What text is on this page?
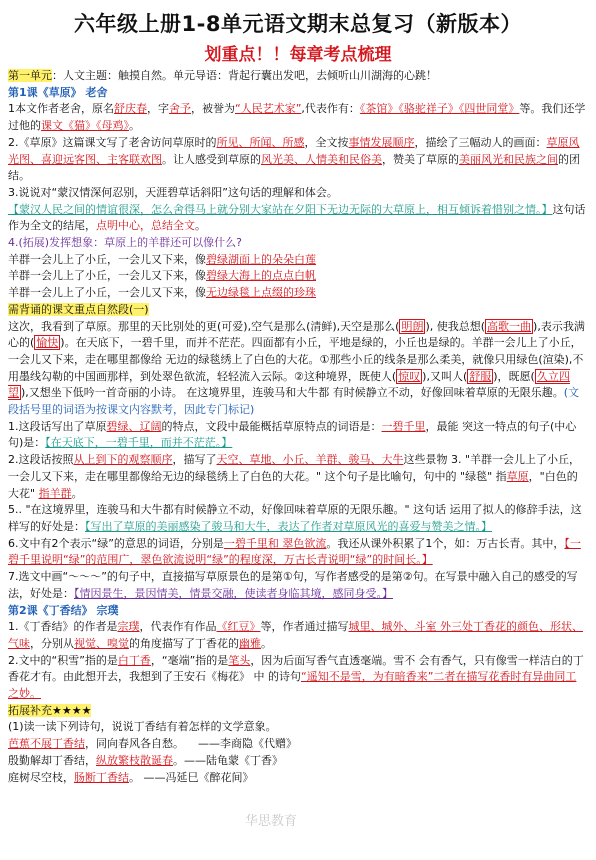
六年级上册1-8单元语文期末总复习（新版本）
划重点！！每章考点梳理

第一单元：人文主题：触摸自然。单元导语：背起行囊出发吧，去倾听山川湖海的心跳！

第1课《草原》 老舍

1本文作者老舍，原名舒庆春，字舍予，被誉为“人民艺术家”,代表作有：《茶馆》《骆驼祥子》《四世同堂》等。我们还学过他的课文《猫》《母鸡》。

2.《草原》这篇课文写了老舍访问草原时的所见、所闻、所感，全文按事情发展顺序，描绘了三幅动人的画面：草原风光图、喜迎远客图、主客联欢图。让人感受到草原的风光美、人情美和民俗美，赞美了草原的美丽风光和民族之间的团结。

3.说说对“蒙汉情深何忍别，天涯碧草话斜阳”这句话的理解和体会。

【蒙汉人民之间的情谊很深，怎么舍得马上就分别大家站在夕阳下无边无际的大草原上，相互倾诉着惜别之情。】这句话作为全文的结尾，点明中心，总结全文。

4.(拓展)发挥想象：草原上的羊群还可以像什么?

羊群一会儿上了小丘，一会儿又下来，像碧绿湖面上的朵朵白莲

羊群一会儿上了小丘，一会儿又下来，像碧绿大海上的点点白帆

羊群一会儿上了小丘，一会儿又下来，像无边绿毯上点缀的珍珠

需背诵的课文重点自然段(一)

这次，我看到了草原。那里的天比别处的更(可爱),空气是那么(清鲜),天空是那么( 明朗 ), 使我总想( 高歌一曲 ),表示我满心的( 愉快 )。在天底下，一碧千里，而并不茫茫。四面都有小丘，平地是绿的，小丘也是绿的。羊群一会儿上了小丘，一会儿又下来，走在哪里都像给 无边的绿毯绣上了白色的大花。①那些小丘的线条是那么柔美，就像只用绿色(渲染),不用墨线勾勒的中国画那样，到处翠色欲流，轻轻流入云际。②这种境界，既使人( 惊叹 ),又叫人( 舒服 )，既愿( 久立四望 ),又想坐下低吟一首奇丽的小诗。 在这境界里，连骏马和大牛都 有时候静立不动，好像回味着草原的无限乐趣。(文段括号里的词语为按课文内容默考，因此专门标记)

1.这段话写出了草原碧绿、辽阔的特点，文段中最能概括草原特点的词语是：一碧千里，最能 突这一特点的句子(中心句)是：【在天底下，一碧千里，而并不茫茫。】

2.这段话按照从上到下的观察顺序，描写了天空、草地、小丘、羊群、骏马、大牛这些景物 3. "羊群一会儿上了小丘，一会儿又下来，走在哪里都像给无边的绿毯绣上了白色的大花。" 这个句子是比喻句，句中的 "绿毯" 指草原，"白色的大花" 指羊群。

5.. "在这境界里，连骏马和大牛都有时候静立不动，好像回味着草原的无限乐趣。" 这句话 运用了拟人的修辞手法，这样写的好处是：【写出了草原的美丽感染了骏马和大牛，表达了作者对草原风光的喜爱与赞美之情。】

6.文中有2个表示“绿”的意思的词语，分别是一碧千里和 翠色欲流。我还从课外积累了1个，如：万古长青。其中，【一碧千里说明“绿”的范围广，翠色欲流说明“绿”的程度深，万古长青说明“绿”的时间长。】

7.选文中画“～～～”的句子中，直接描写草原景色的是第①句，写作者感受的是第②句。在写景中融入自己的感受的写法，好处是：【情因景生，景因情美，情景交融，使读者身临其境，感同身受。】

第2课《丁香结》 宗璞

1.《丁香结》的作者是宗璞，代表作有作品《红豆》等，作者通过描写城里、城外、斗室 外三处丁香花的颜色、形状、气味，分别从视觉、嗅觉的角度描写了丁香花的幽雅。

2.文中的“积雪”指的是白丁香，“毫端”指的是笔头，因为后面写香气直透毫端。雪不 会有香气，只有像雪一样洁白的丁香花才有。由此想开去，我想到了王安石《梅花》 中 的诗句“遥知不是雪，为有暗香来”二者在描写花香时有异曲同工之妙。

拓展补充★★★★

(1)读一读下列诗句，说说丁香结有着怎样的文学意象。

芭蕉不展丁香结，同向春风各自愁。 ——李商隐《代赠》

殷勤解却丁香结，纵放繁枝散诞春。——陆龟蒙《丁香》

庭树尽空枝，肠断丁香结。 ——冯延巳《醉花间》

华思教育
